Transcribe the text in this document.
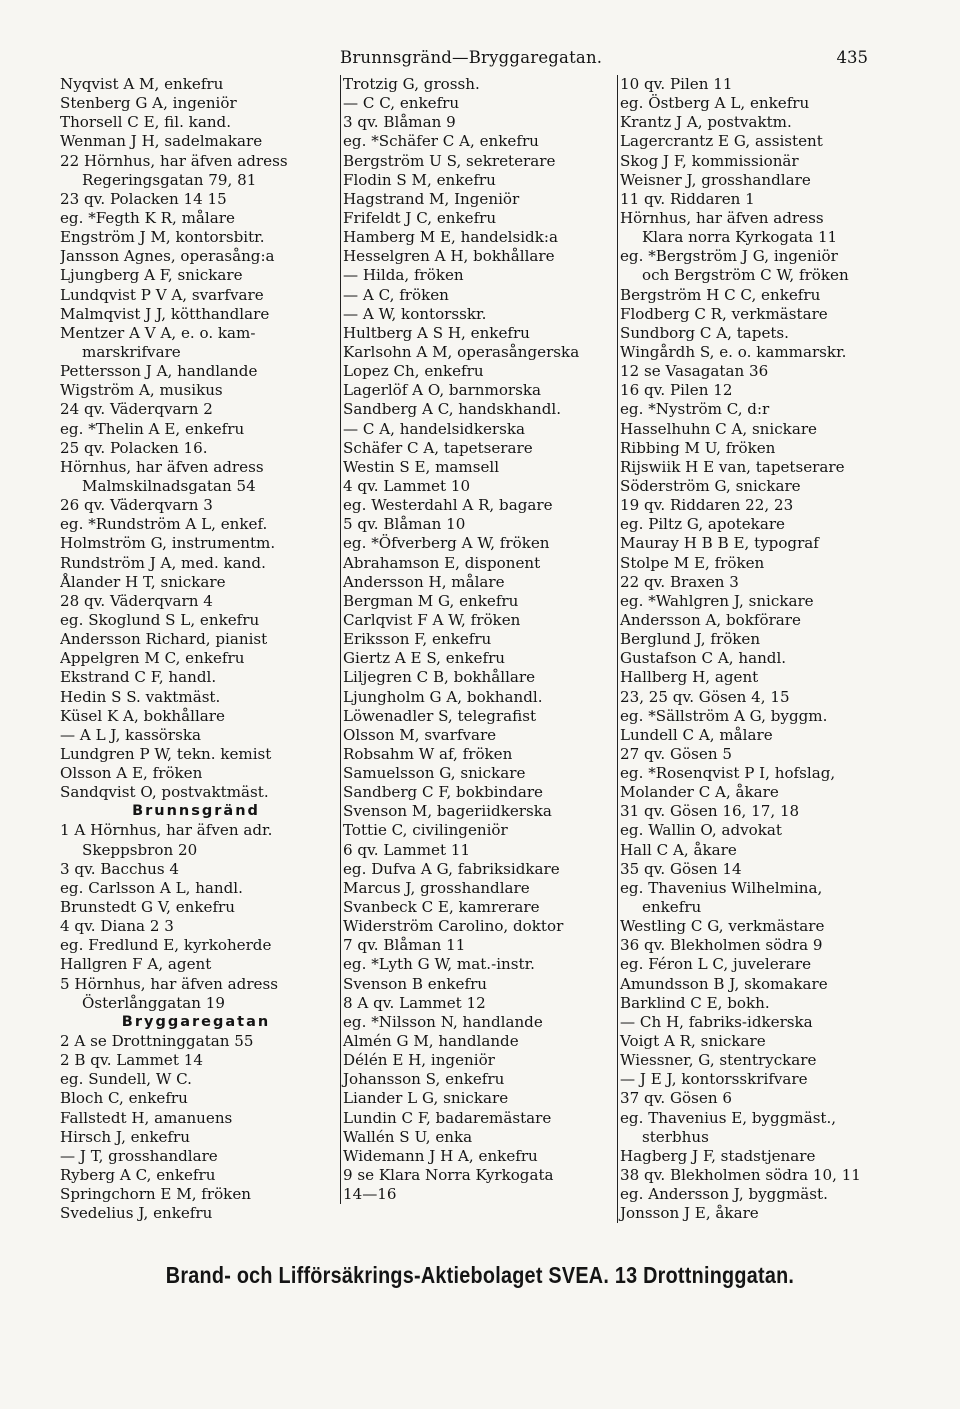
Brunnsgränd—Bryggaregatan.	435
Nyqvist A M, enkefru
Stenberg G A, ingeniör
Thorsell C E, fil. kand.
Wenman J H, sadelmakare
22 Hörnhus, har äfven adress
Regeringsgatan 79, 81
23 qv. Polacken 14 15
eg. *Fegth K R, målare
Engström J M, kontorsbitr.
Jansson Agnes, operasång:a
Ljungberg A F, snickare
Lundqvist P V A, svarfvare
Malmqvist J J, kötthandlare
Mentzer A V A, e. o. kam-
marskrifvare
Pettersson J A, handlande
Wigström A, musikus
24 qv. Väderqvarn 2
eg. *Thelin A E, enkefru
25 qv. Polacken 16.
Hörnhus, har äfven adress
Malmskilnadsgatan 54
26 qv. Väderqvarn 3
eg. *Rundström A L, enkef.
Holmström G, instrumentm.
Rundström J A, med. kand.
Ålander H T, snickare
28 qv. Väderqvarn 4
eg. Skoglund S L, enkefru
Andersson Richard, pianist
Appelgren M C, enkefru
Ekstrand C F, handl.
Hedin S S. vaktmäst.
Küsel K A, bokhållare
— A L J, kassörska
Lundgren P W, tekn. kemist
Olsson A E, fröken
Sandqvist O, postvaktmäst.
Brunnsgränd
1 A Hörnhus, har äfven adr.
Skeppsbron 20
3 qv. Bacchus 4
eg. Carlsson A L, handl.
Brunstedt G V, enkefru
4 qv. Diana 2 3
eg. Fredlund E, kyrkoherde
Hallgren F A, agent
5 Hörnhus, har äfven adress
Österlånggatan 19
Bryggaregatan
2 A se Drottninggatan 55
2 B qv. Lammet 14
eg. Sundell, W C.
Bloch C, enkefru
Fallstedt H, amanuens
Hirsch J, enkefru
— J T, grosshandlare
Ryberg A C, enkefru
Springchorn E M, fröken
Svedelius J, enkefru
Trotzig G, grossh.
— C C, enkefru
3 qv. Blåman 9
eg. *Schäfer C A, enkefru
Bergström U S, sekreterare
Flodin S M, enkefru
Hagstrand M, Ingeniör
Frifeldt J C, enkefru
Hamberg M E, handelsidk:a
Hesselgren A H, bokhållare
— Hilda, fröken
— A C, fröken
— A W, kontorsskr.
Hultberg A S H, enkefru
Karlsohn A M, operasångerska
Lopez Ch, enkefru
Lagerlöf A O, barnmorska
Sandberg A C, handskhandl.
— C A, handelsidkerska
Schäfer C A, tapetserare
Westin S E, mamsell
4 qv. Lammet 10
eg. Westerdahl A R, bagare
5 qv. Blåman 10
eg. *Öfverberg A W, fröken
Abrahamson E, disponent
Andersson H, målare
Bergman M G, enkefru
Carlqvist F A W, fröken
Eriksson F, enkefru
Giertz A E S, enkefru
Liljegren C B, bokhållare
Ljungholm G A, bokhandl.
Löwenadler S, telegrafist
Olsson M, svarfvare
Robsahm W af, fröken
Samuelsson G, snickare
Sandberg C F, bokbindare
Svenson M, bageriidkerska
Tottie C, civilingeniör
6 qv. Lammet 11
eg. Dufva A G, fabriksidkare
Marcus J, grosshandlare
Svanbeck C E, kamrerare
Widerström Carolino, doktor
7 qv. Blåman 11
eg. *Lyth G W, mat.-instr.
Svenson B enkefru
8 A qv. Lammet 12
eg. *Nilsson N, handlande
Almén G M, handlande
Délén E H, ingeniör
Johansson S, enkefru
Liander L G, snickare
Lundin C F, badaremästare
Wallén S U, enka
Widemann J H A, enkefru
9 se Klara Norra Kyrkogata
14—16
10 qv. Pilen 11
eg. Östberg A L, enkefru
Krantz J A, postvaktm.
Lagercrantz E G, assistent
Skog J F, kommissionär
Weisner J, grosshandlare
11 qv. Riddaren 1
Hörnhus, har äfven adress
Klara norra Kyrkogata 11
eg. *Bergström J G, ingeniör
och Bergström C W, fröken
Bergström H C C, enkefru
Flodberg C R, verkmästare
Sundborg C A, tapets.
Wingårdh S, e. o. kammarskr.
12 se Vasagatan 36
16 qv. Pilen 12
eg. *Nyström C, d:r
Hasselhuhn C A, snickare
Ribbing M U, fröken
Rijswiik H E van, tapetserare
Söderström G, snickare
19 qv. Riddaren 22, 23
eg. Piltz G, apotekare
Mauray H B B E, typograf
Stolpe M E, fröken
22 qv. Braxen 3
eg. *Wahlgren J, snickare
Andersson A, bokförare
Berglund J, fröken
Gustafson C A, handl.
Hallberg H, agent
23, 25 qv. Gösen 4, 15
eg. *Sällström A G, byggm.
Lundell C A, målare
27 qv. Gösen 5
eg. *Rosenqvist P I, hofslag,
Molander C A, åkare
31 qv. Gösen 16, 17, 18
eg. Wallin O, advokat
Hall C A, åkare
35 qv. Gösen 14
eg. Thavenius Wilhelmina,
enkefru
Westling C G, verkmästare
36 qv. Blekholmen södra 9
eg. Féron L C, juvelerare
Amundsson B J, skomakare
Barklind C E, bokh.
— Ch H, fabriks-idkerska
Voigt A R, snickare
Wiessner, G, stentryckare
— J E J, kontorsskrifvare
37 qv. Gösen 6
eg. Thavenius E, byggmäst.,
sterbhus
Hagberg J F, stadstjenare
38 qv. Blekholmen södra 10, 11
eg. Andersson J, byggmäst.
Jonsson J E, åkare
Brand- och Lifförsäkrings-Aktiebolaget SVEA. 13 Drottninggatan.
